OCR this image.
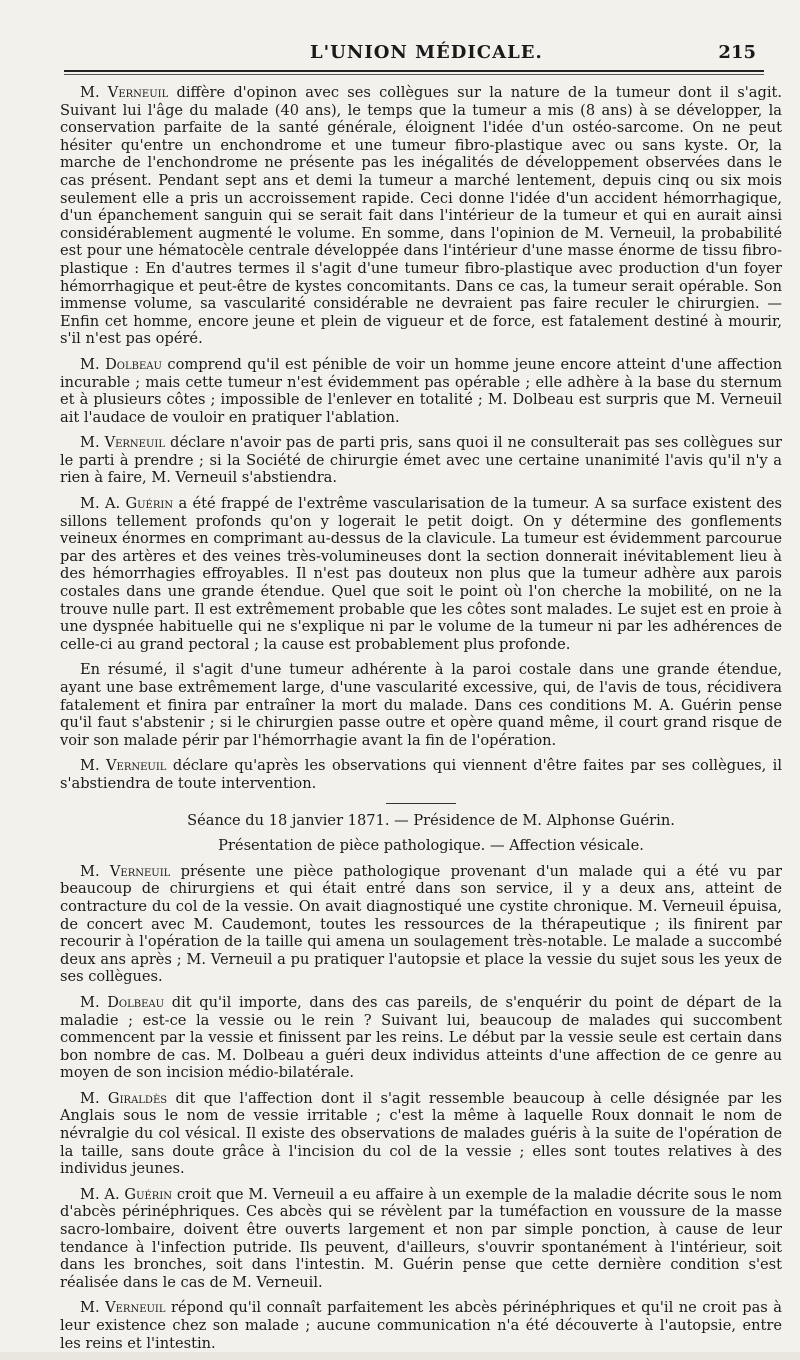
L'UNION MÉDICALE.	215

M. Verneuil diffère d'opinon avec ses collègues sur la nature de la tumeur dont il s'agit. Suivant lui l'âge du malade (40 ans), le temps que la tumeur a mis (8 ans) à se développer, la conservation parfaite de la santé générale, éloignent l'idée d'un ostéo-sarcome. On ne peut hésiter qu'entre un enchondrome et une tumeur fibro-plastique avec ou sans kyste. Or, la marche de l'enchondrome ne présente pas les inégalités de développement observées dans le cas présent. Pendant sept ans et demi la tumeur a marché lentement, depuis cinq ou six mois seulement elle a pris un accroissement rapide. Ceci donne l'idée d'un accident hémorrhagique, d'un épanchement sanguin qui se serait fait dans l'intérieur de la tumeur et qui en aurait ainsi considérablement augmenté le volume. En somme, dans l'opinion de M. Verneuil, la probabilité est pour une hématocèle centrale développée dans l'intérieur d'une masse énorme de tissu fibro-plastique : En d'autres termes il s'agit d'une tumeur fibro-plastique avec production d'un foyer hémorrhagique et peut-être de kystes concomitants. Dans ce cas, la tumeur serait opérable. Son immense volume, sa vascularité considérable ne devraient pas faire reculer le chirurgien. — Enfin cet homme, encore jeune et plein de vigueur et de force, est fatalement destiné à mourir, s'il n'est pas opéré.

M. Dolbeau comprend qu'il est pénible de voir un homme jeune encore atteint d'une affection incurable ; mais cette tumeur n'est évidemment pas opérable ; elle adhère à la base du sternum et à plusieurs côtes ; impossible de l'enlever en totalité ; M. Dolbeau est surpris que M. Verneuil ait l'audace de vouloir en pratiquer l'ablation.

M. Verneuil déclare n'avoir pas de parti pris, sans quoi il ne consulterait pas ses collègues sur le parti à prendre ; si la Société de chirurgie émet avec une certaine unanimité l'avis qu'il n'y a rien à faire, M. Verneuil s'abstiendra.

M. A. Guérin a été frappé de l'extrême vascularisation de la tumeur. A sa surface existent des sillons tellement profonds qu'on y logerait le petit doigt. On y détermine des gonflements veineux énormes en comprimant au-dessus de la clavicule. La tumeur est évidemment parcourue par des artères et des veines très-volumineuses dont la section donnerait inévitablement lieu à des hémorrhagies effroyables. Il n'est pas douteux non plus que la tumeur adhère aux parois costales dans une grande étendue. Quel que soit le point où l'on cherche la mobilité, on ne la trouve nulle part. Il est extrêmement probable que les côtes sont malades. Le sujet est en proie à une dyspnée habituelle qui ne s'explique ni par le volume de la tumeur ni par les adhérences de celle-ci au grand pectoral ; la cause est probablement plus profonde.

En résumé, il s'agit d'une tumeur adhérente à la paroi costale dans une grande étendue, ayant une base extrêmement large, d'une vascularité excessive, qui, de l'avis de tous, récidivera fatalement et finira par entraîner la mort du malade. Dans ces conditions M. A. Guérin pense qu'il faut s'abstenir ; si le chirurgien passe outre et opère quand même, il court grand risque de voir son malade périr par l'hémorrhagie avant la fin de l'opération.

M. Verneuil déclare qu'après les observations qui viennent d'être faites par ses collègues, il s'abstiendra de toute intervention.

Séance du 18 janvier 1871. — Présidence de M. Alphonse Guérin.

Présentation de pièce pathologique. — Affection vésicale.

M. Verneuil présente une pièce pathologique provenant d'un malade qui a été vu par beaucoup de chirurgiens et qui était entré dans son service, il y a deux ans, atteint de contracture du col de la vessie. On avait diagnostiqué une cystite chronique. M. Verneuil épuisa, de concert avec M. Caudemont, toutes les ressources de la thérapeutique ; ils finirent par recourir à l'opération de la taille qui amena un soulagement très-notable. Le malade a succombé deux ans après ; M. Verneuil a pu pratiquer l'autopsie et place la vessie du sujet sous les yeux de ses collègues.

M. Dolbeau dit qu'il importe, dans des cas pareils, de s'enquérir du point de départ de la maladie ; est-ce la vessie ou le rein ? Suivant lui, beaucoup de malades qui succombent commencent par la vessie et finissent par les reins. Le début par la vessie seule est certain dans bon nombre de cas. M. Dolbeau a guéri deux individus atteints d'une affection de ce genre au moyen de son incision médio-bilatérale.

M. Giraldès dit que l'affection dont il s'agit ressemble beaucoup à celle désignée par les Anglais sous le nom de vessie irritable ; c'est la même à laquelle Roux donnait le nom de névralgie du col vésical. Il existe des observations de malades guéris à la suite de l'opération de la taille, sans doute grâce à l'incision du col de la vessie ; elles sont toutes relatives à des individus jeunes.

M. A. Guérin croit que M. Verneuil a eu affaire à un exemple de la maladie décrite sous le nom d'abcès périnéphriques. Ces abcès qui se révèlent par la tuméfaction en voussure de la masse sacro-lombaire, doivent être ouverts largement et non par simple ponction, à cause de leur tendance à l'infection putride. Ils peuvent, d'ailleurs, s'ouvrir spontanément à l'intérieur, soit dans les bronches, soit dans l'intestin. M. Guérin pense que cette dernière condition s'est réalisée dans le cas de M. Verneuil.

M. Verneuil répond qu'il connaît parfaitement les abcès périnéphriques et qu'il ne croit pas à leur existence chez son malade ; aucune communication n'a été découverte à l'autopsie, entre les reins et l'intestin.
